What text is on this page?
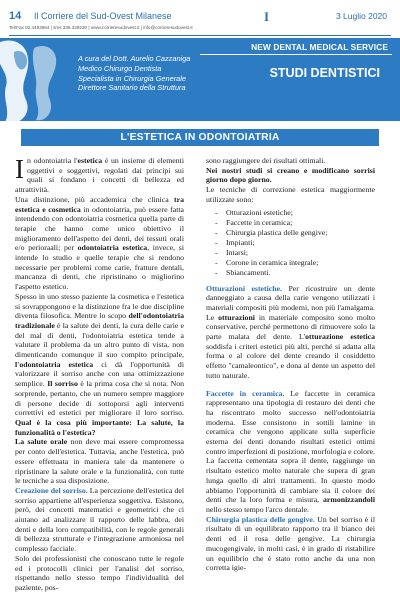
14 Il Corriere del Sud-Ovest Milanese
Tel/Fax 02.4493964 | sms 335.339230 | www.corrieresudovest.it | info@corrieresudovest.it
I	3 Luglio 2020
A cura del Dott. Aurelio Cazzaniga
Medico Chirurgo Dentista
Specialista in Chirurgia Generale
Direttore Sanitario della Struttura
NEW DENTAL MEDICAL SERVICE
STUDI DENTISTICI
L'ESTETICA IN ODONTOIATRIA

In odontoiatria l'estetica è un insieme di elementi oggettivi e soggettivi, regolati dai principi sui quali si fondano i concetti di bellezza ed attrattività.

Una distinzione, più accademica che clinica tra estetica e cosmetica in odontoiatria, può essere fatta intendendo con odontoiatria cosmetica quella parte di terapie che hanno come unico obiettivo il miglioramento dell'aspetto dei denti, dei tessuti orali e/o perioraali; per odontoiatria estetica, invece, si intende lo studio e quelle terapie che si rendono necessarie per problemi come carie, fratture dentali, mancanza di denti, che ripristinano o migliorino l'aspetto estetico.

Spesso in uno stesso paziente la cosmetica e l'estetica si sovrappongono e la distinzione fra le due discipline diventa filosofica. Mentre lo scopo dell'odontoiatria tradizionale è la salute dei denti, la cura delle carie e del mal di denti, l'odontoiatria estetica tende a valutare il problema da un altro punto di vista, non dimenticando comunque il suo compito principale, l'odontoiatria estetica ci dà l'opportunità di valorizzare il sorriso anche con una ottimizzazione semplice. Il sorriso è la prima cosa che si nota. Non sorprende, pertanto, che un numero sempre maggiore di persone decide di sottoporsi agli interventi correttivi ed estetici per migliorare il loro sorriso. Qual è la cosa più importante: La salute, la funzionalità o l'estetica?

La salute orale non deve mai essere compromessa per conto dell'estetica. Tuttavia, anche l'estetica, può essere effettuata in maniera tale da mantenere o ripristinare la salute orale e la funzionalità, con tutte le tecniche a sua disposizione.

Creazione del sorriso. La percezione dell'estetica del sorriso appartiene all'esperienza soggettiva. Esistono, però, dei concetti matematici e geometrici che ci aiutano ad analizzare il rapporto delle labbra, dei denti e della loro compatibilità, con le regole generali di bellezza strutturale e l'integrazione armoniosa nel complesso facciale.

Solo dei professionisti che conoscano tutte le regole ed i protocolli clinici per l'analisi del sorriso, rispettando nello stesso tempo l'individualità del paziente, pos-

sono raggiungere dei risultati ottimali.

Nei nostri studi si creano e modificano sorrisi giorno dopo giorno.

Le tecniche di correzione estetica maggiormente utilizzate sono:

- Otturazioni estetiche;
- Faccette in ceramica;
- Chirurgia plastica delle gengive;
- Impianti;
- Intarsi;
- Corone in ceramica integrale;
- Sbiancamenti.

Otturazioni estetiche. Per ricostruire un dente danneggiato a causa della carie vengono utilizzati i materiali compositi più moderni, non più l'amalgama. Le otturazioni in materiale composito sono molto conservative, perché permettono di rimuovere solo la parte malata del dente. L'otturazione estetica soddisfa i criteri estetici più alti, perché si adatta alla forma e al colore del dente creando il cosiddetto effetto "camaleontico", e dona al dente un aspetto del tutto naturale.

Faccette in ceramica. Le faccette in ceramica rappresentano una tipologia di restauro dei denti che ha riscontrato molto successo nell'odontoiatria moderna. Esse consistono in sottili lamine in ceramica che vengono applicate sulla superficie esterna dei denti donando risultati estetici ottimi contro imperfezioni di posizione, morfologia e colore. La faccetta cementata sopra il dente, raggiunge un risultato estetico molto naturale che supera di gran lunga quello di altri trattamenti. In questo modo abbiamo l'opportunità di cambiare sia il colore dei denti che la loro forma e misura, armonizzandoli nello stesso tempo l'arco dentale.

Chirurgia plastica delle gengive. Un bel sorriso è il risultato di un equilibrato rapporto tra il bianco dei denti ed il rosa delle gengive. La chirurgia mucogengivale, in molti casi, è in grado di ristabilire un equilibrio che è stato rotto anche da una non corretta igie-
